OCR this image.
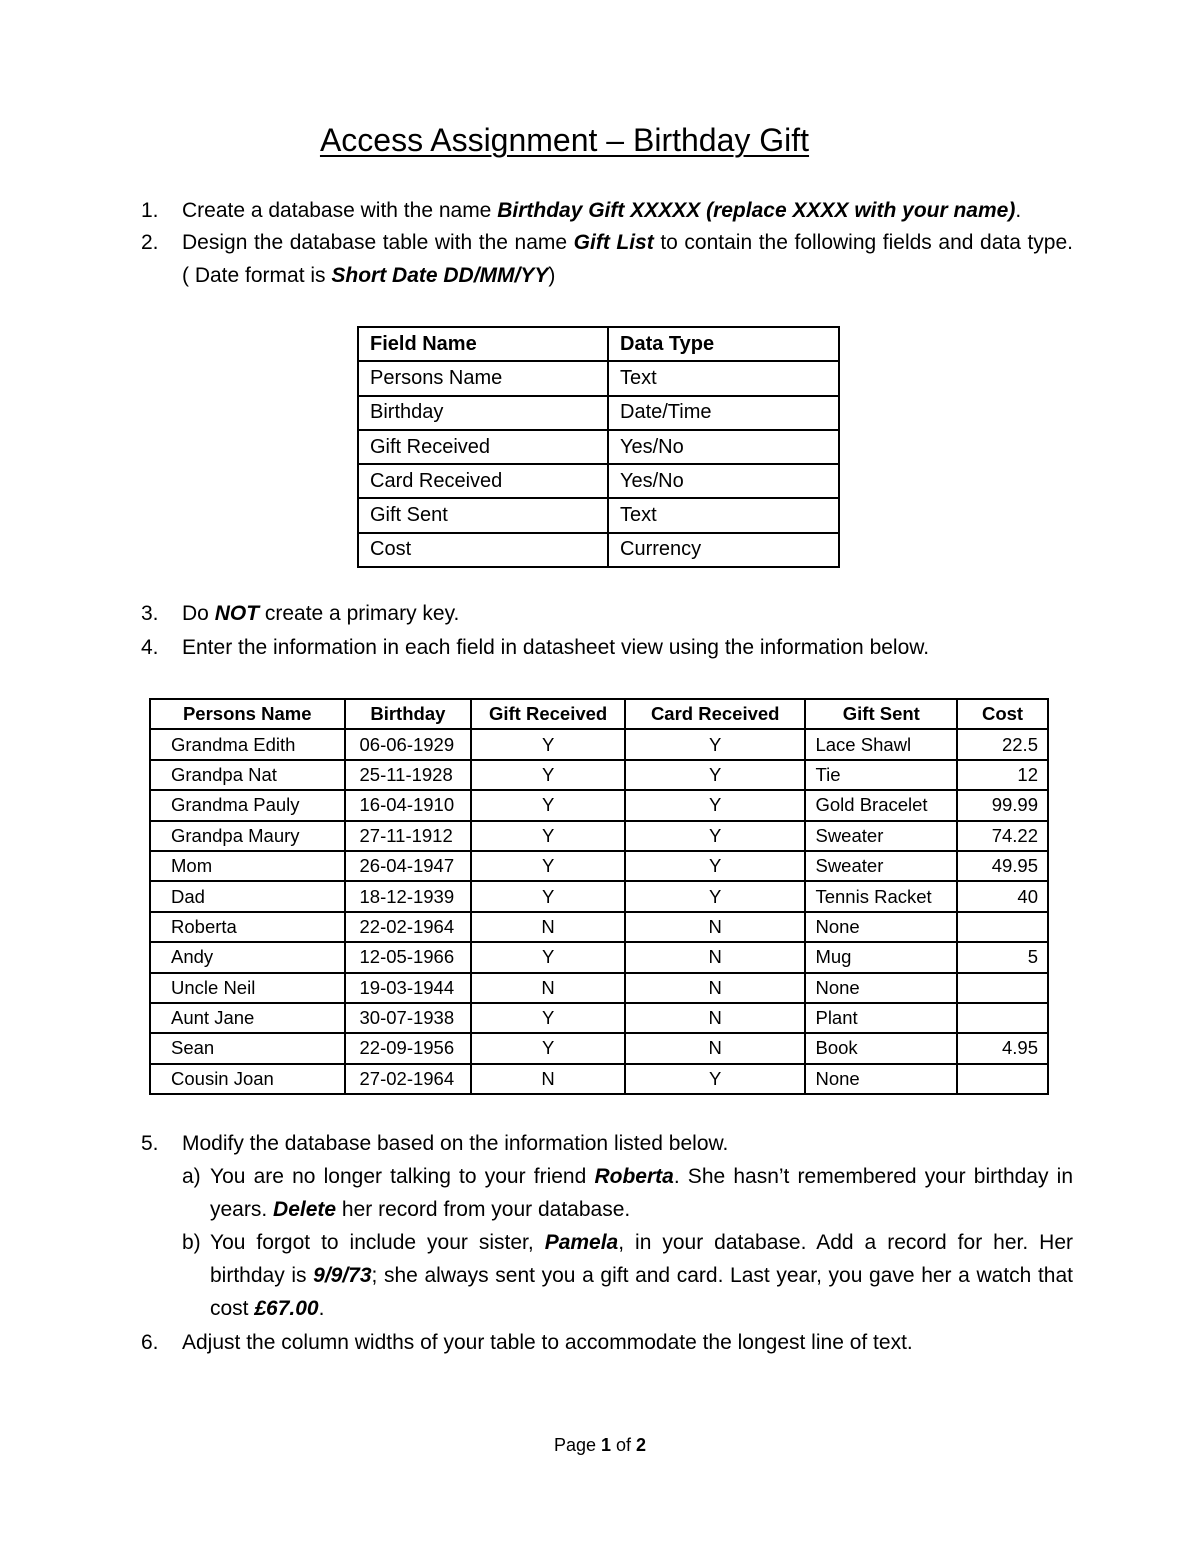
Access Assignment – Birthday Gift
1. Create a database with the name Birthday Gift XXXXX (replace XXXX with your name).
2. Design the database table with the name Gift List to contain the following fields and data type. ( Date format is Short Date DD/MM/YY)
Field Name	Data Type
Persons Name	Text
Birthday	Date/Time
Gift Received	Yes/No
Card Received	Yes/No
Gift Sent	Text
Cost	Currency
3. Do NOT create a primary key.
4. Enter the information in each field in datasheet view using the information below.
Persons Name	Birthday	Gift Received	Card Received	Gift Sent	Cost
Grandma Edith	06-06-1929	Y	Y	Lace Shawl	22.5
Grandpa Nat	25-11-1928	Y	Y	Tie	12
Grandma Pauly	16-04-1910	Y	Y	Gold Bracelet	99.99
Grandpa Maury	27-11-1912	Y	Y	Sweater	74.22
Mom	26-04-1947	Y	Y	Sweater	49.95
Dad	18-12-1939	Y	Y	Tennis Racket	40
Roberta	22-02-1964	N	N	None	
Andy	12-05-1966	Y	N	Mug	5
Uncle Neil	19-03-1944	N	N	None	
Aunt Jane	30-07-1938	Y	N	Plant	
Sean	22-09-1956	Y	N	Book	4.95
Cousin Joan	27-02-1964	N	Y	None	
5. Modify the database based on the information listed below.
a) You are no longer talking to your friend Roberta. She hasn’t remembered your birthday in years. Delete her record from your database.
b) You forgot to include your sister, Pamela, in your database. Add a record for her. Her birthday is 9/9/73; she always sent you a gift and card. Last year, you gave her a watch that cost £67.00.
6. Adjust the column widths of your table to accommodate the longest line of text.
Page 1 of 2
